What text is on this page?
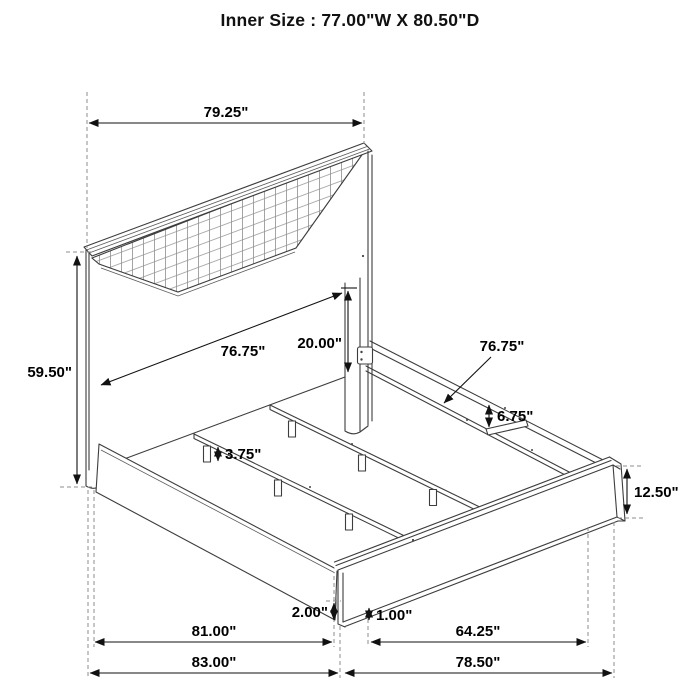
Inner Size : 77.00"W X 80.50"D
79.25"
59.50"
76.75" 20.00"
3.75"
76.75"
6.75"
12.50"
2.00"	1.00"
81.00"	64.25"
83.00"	78.50"
